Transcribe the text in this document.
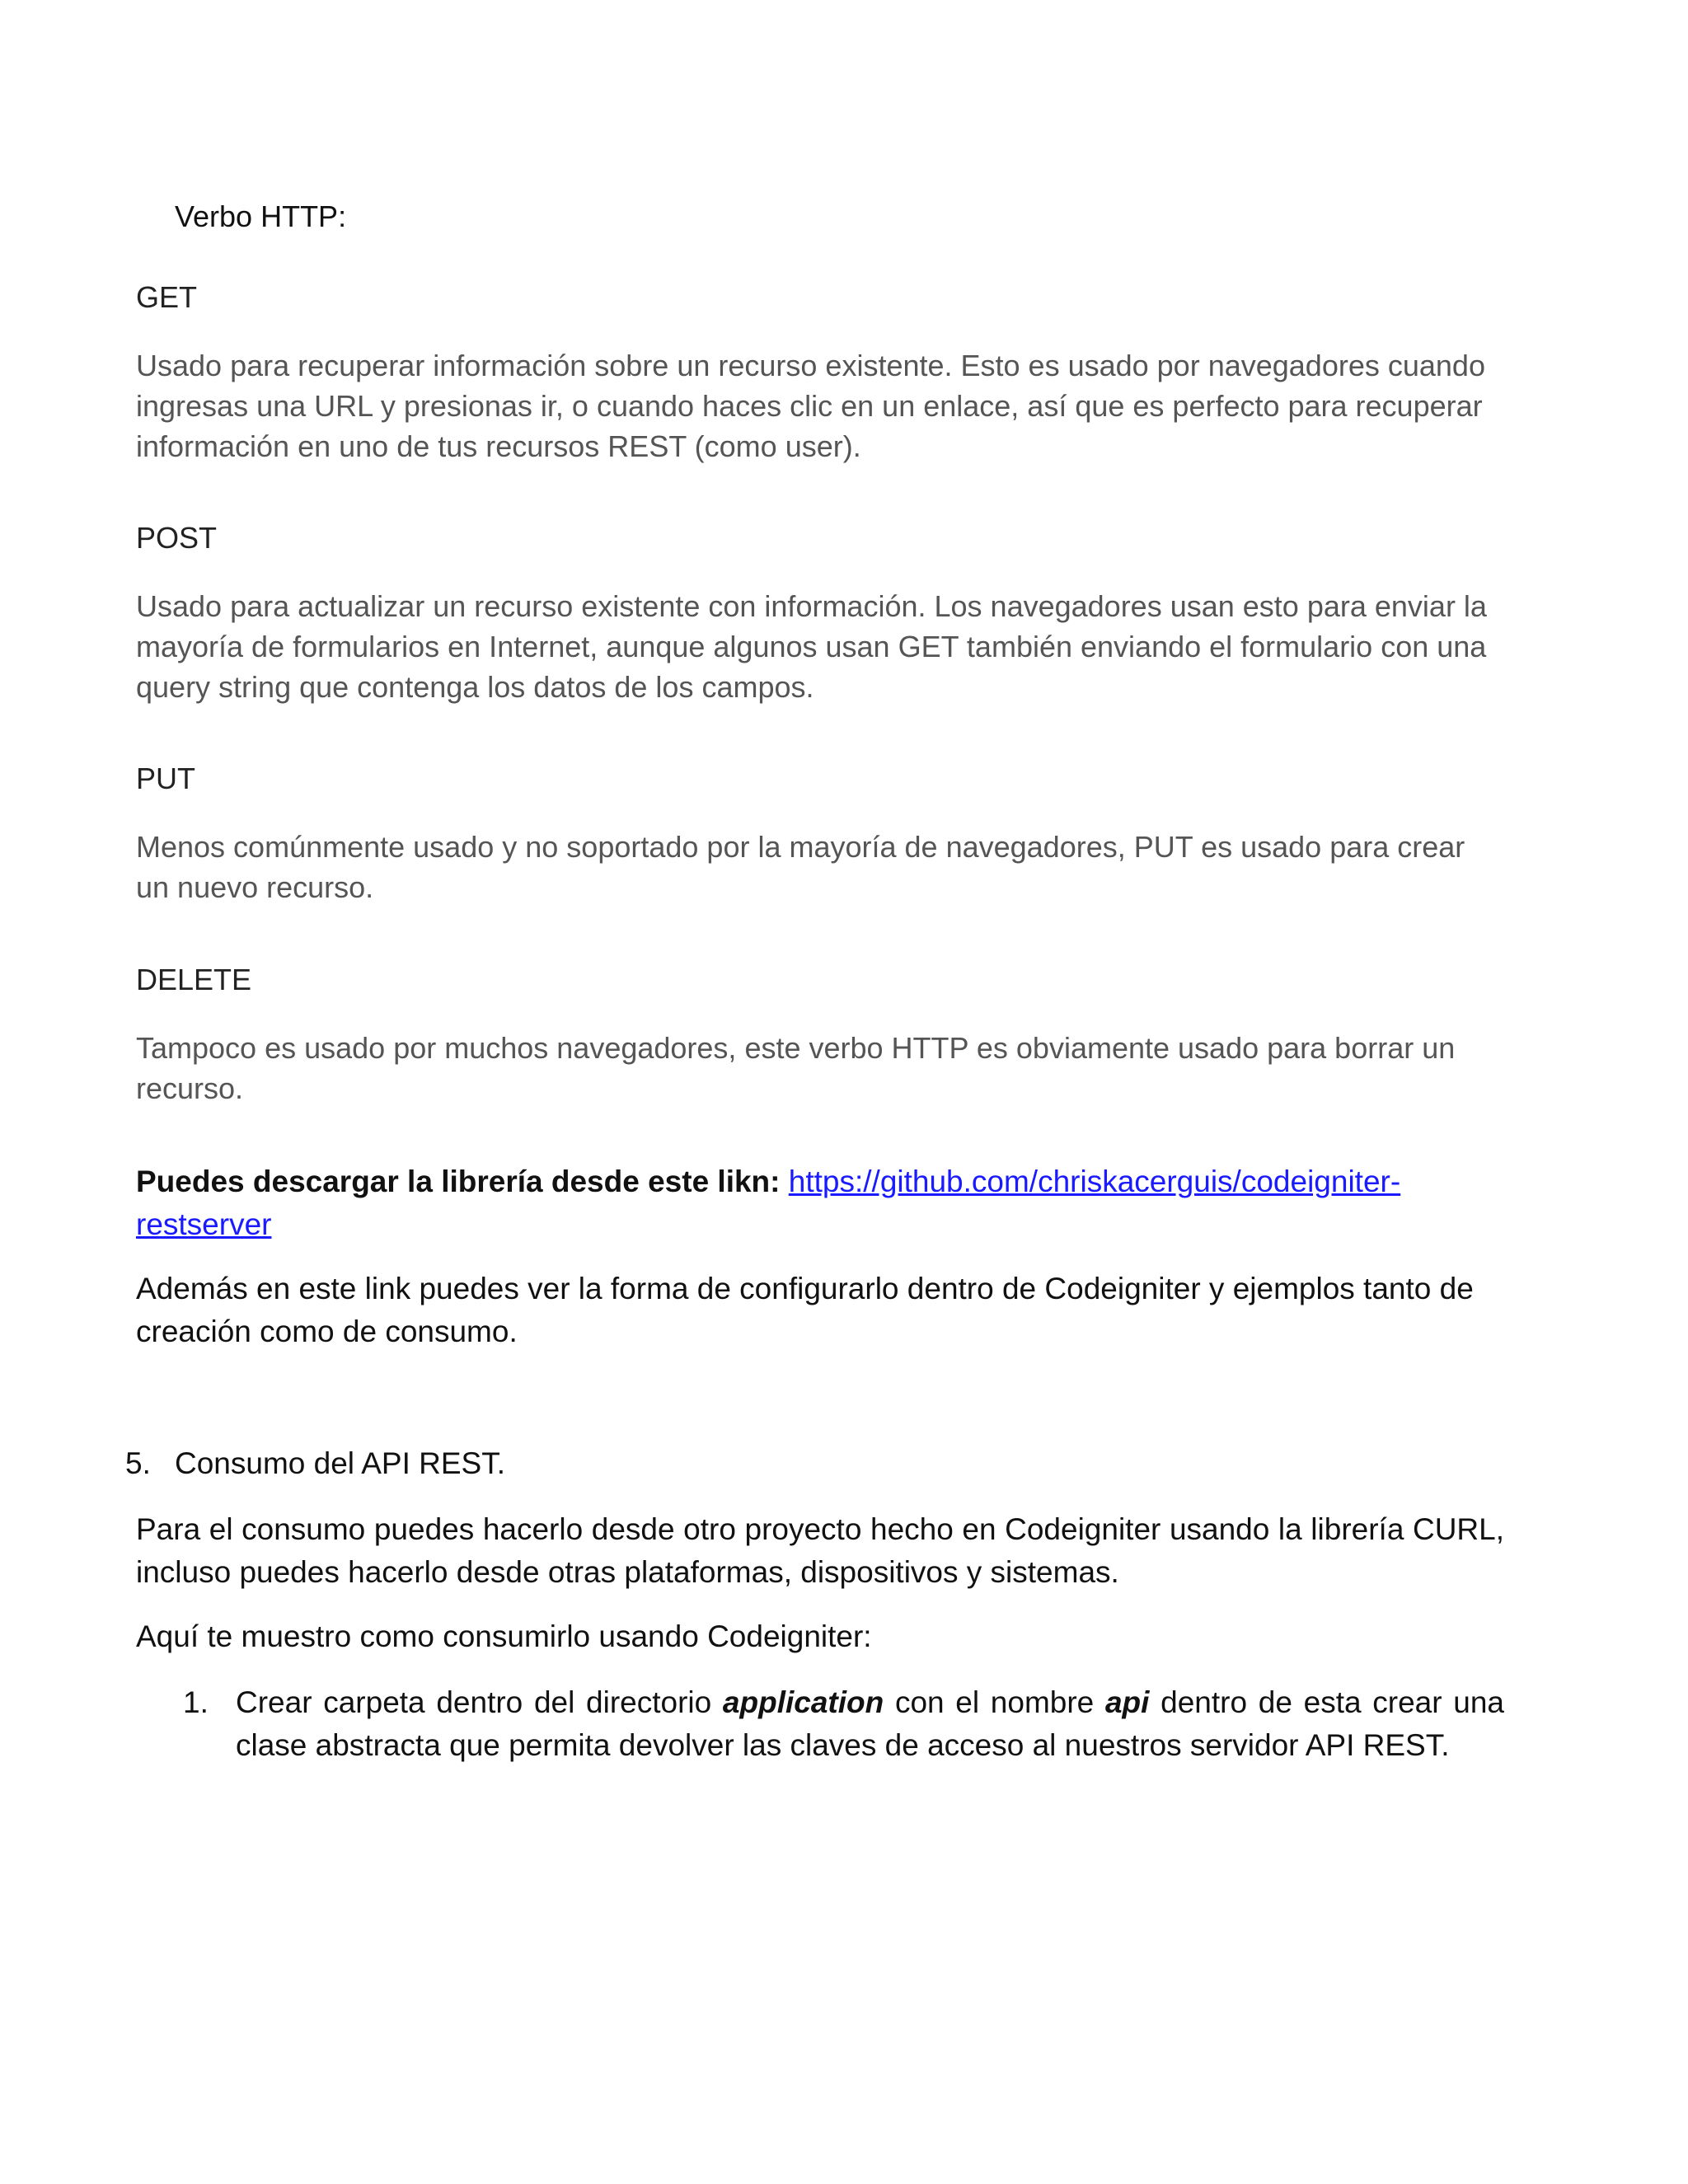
Verbo HTTP:
GET
Usado para recuperar información sobre un recurso existente. Esto es usado por navegadores cuando ingresas una URL y presionas ir, o cuando haces clic en un enlace, así que es perfecto para recuperar información en uno de tus recursos REST (como user).
POST
Usado para actualizar un recurso existente con información. Los navegadores usan esto para enviar la mayoría de formularios en Internet, aunque algunos usan GET también enviando el formulario con una query string que contenga los datos de los campos.
PUT
Menos comúnmente usado y no soportado por la mayoría de navegadores, PUT es usado para crear un nuevo recurso.
DELETE
Tampoco es usado por muchos navegadores, este verbo HTTP es obviamente usado para borrar un recurso.
Puedes descargar la librería desde este likn: https://github.com/chriskacerguis/codeigniter-restserver
Además en este link puedes ver la forma de configurarlo dentro de Codeigniter y ejemplos tanto de creación como de consumo.
5. Consumo del API REST.
Para el consumo puedes hacerlo desde otro proyecto hecho en Codeigniter usando la librería CURL, incluso puedes hacerlo desde otras plataformas, dispositivos y sistemas.
Aquí te muestro como consumirlo usando Codeigniter:
1. Crear carpeta dentro del directorio application con el nombre api dentro de esta crear una clase abstracta que permita devolver las claves de acceso al nuestros servidor API REST.
